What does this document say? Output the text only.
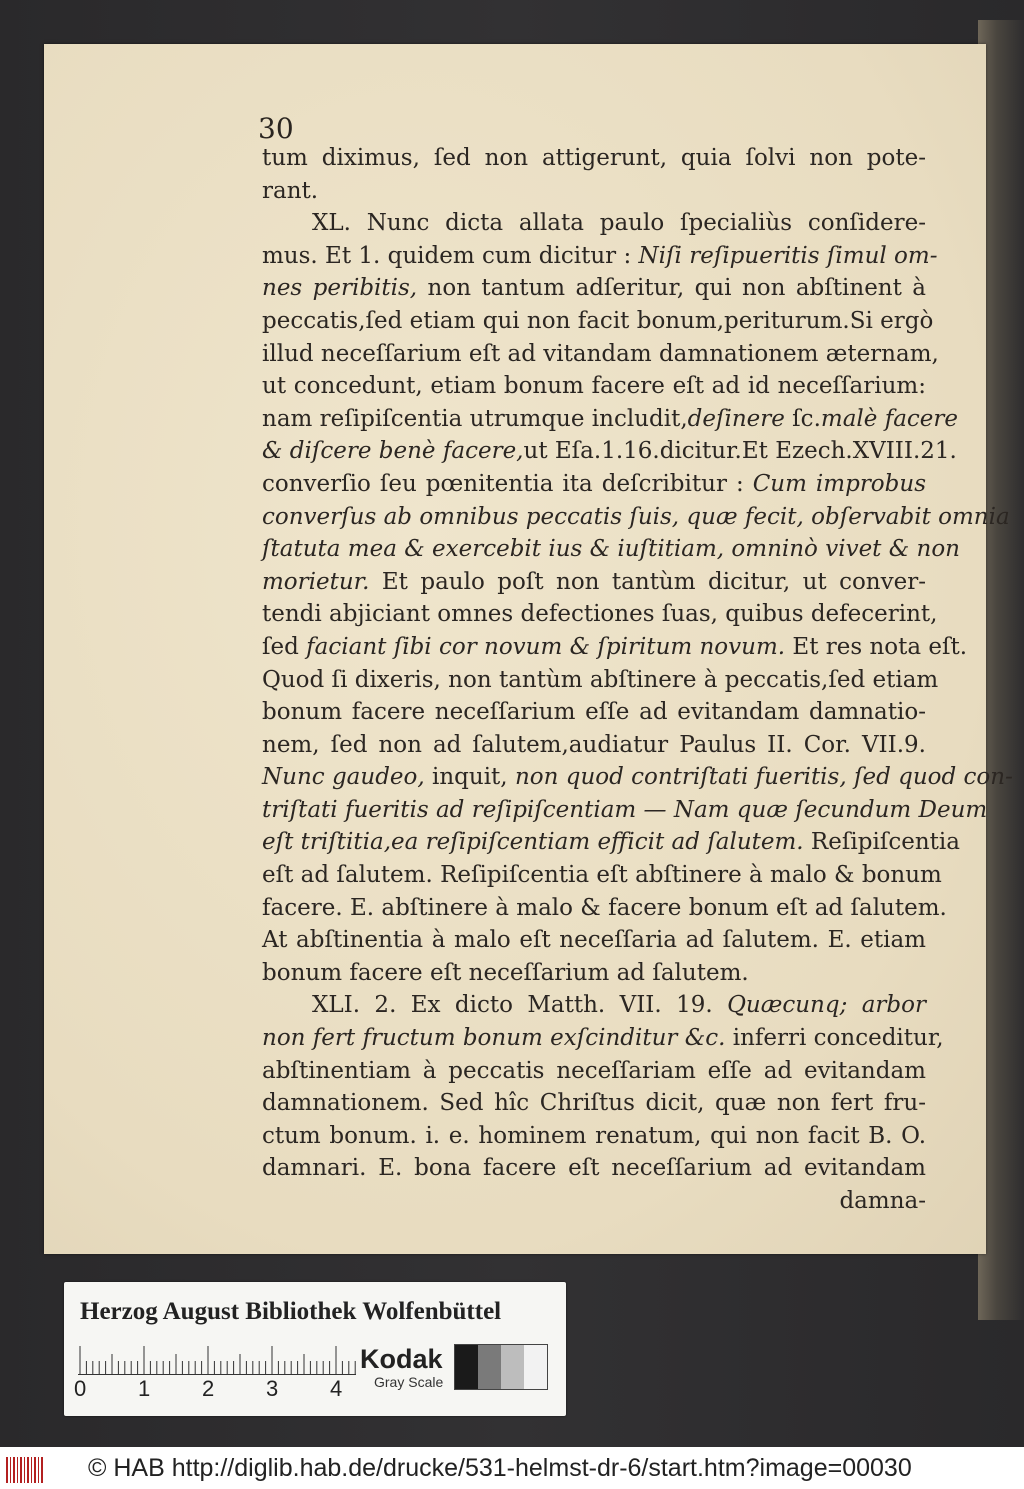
30
tum diximus, ſed non attigerunt, quia ſolvi non pote-
rant.
XL. Nunc dicta allata paulo ſpecialiùs conſidere-
mus. Et 1. quidem cum dicitur : Niſi reſipueritis ſimul om-
nes peribitis, non tantum adſeritur, qui non abſtinent à
peccatis,ſed etiam qui non facit bonum,periturum.Si ergò
illud neceſſarium eſt ad vitandam damnationem æternam,
ut concedunt, etiam bonum facere eſt ad id neceſſarium:
nam reſipiſcentia utrumque includit,deſinere ſc.malè facere
& diſcere benè facere,ut Eſa.1.16.dicitur.Et Ezech.XVIII.21.
converſio ſeu pœnitentia ita deſcribitur : Cum improbus
converſus ab omnibus peccatis ſuis, quæ fecit, obſervabit omnia
ſtatuta mea & exercebit ius & iuſtitiam, omninò vivet & non
morietur. Et paulo poſt non tantùm dicitur, ut conver-
tendi abjiciant omnes defectiones ſuas, quibus defecerint,
ſed faciant ſibi cor novum & ſpiritum novum. Et res nota eſt.
Quod ſi dixeris, non tantùm abſtinere à peccatis,ſed etiam
bonum facere neceſſarium eſſe ad evitandam damnatio-
nem, ſed non ad ſalutem,audiatur Paulus II. Cor. VII.9.
Nunc gaudeo, inquit, non quod contriſtati fueritis, ſed quod con-
triſtati fueritis ad reſipiſcentiam — Nam quæ ſecundum Deum
eſt triſtitia,ea reſipiſcentiam efficit ad ſalutem. Reſipiſcentia
eſt ad ſalutem. Reſipiſcentia eſt abſtinere à malo & bonum
facere. E. abſtinere à malo & facere bonum eſt ad ſalutem.
At abſtinentia à malo eſt neceſſaria ad ſalutem. E. etiam
bonum facere eſt neceſſarium ad ſalutem.
XLI. 2. Ex dicto Matth. VII. 19. Quæcunq; arbor
non fert fructum bonum exſcinditur &c. inferri conceditur,
abſtinentiam à peccatis neceſſariam eſſe ad evitandam
damnationem. Sed hîc Chriſtus dicit, quæ non fert fru-
ctum bonum. i. e. hominem renatum, qui non facit B. O.
damnari. E. bona facere eſt neceſſarium ad evitandam
damna-
Herzog August Bibliothek Wolfenbüttel
0 1 2 3 4
Kodak
Gray Scale
© HAB http://diglib.hab.de/drucke/531-helmst-dr-6/start.htm?image=00030
